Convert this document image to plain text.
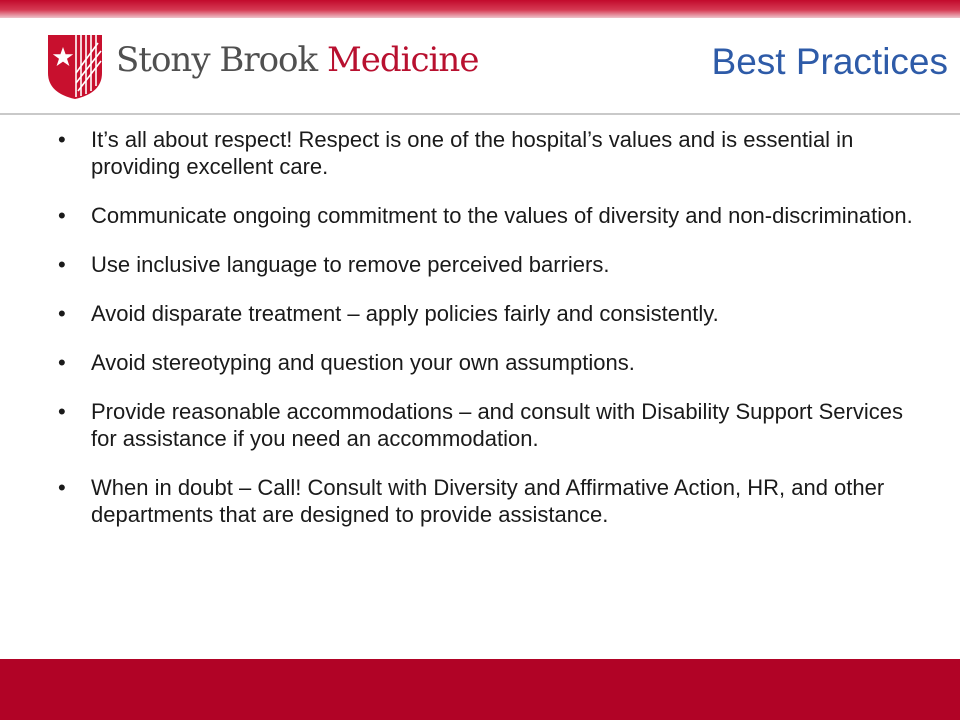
Stony Brook Medicine	Best Practices
• It’s all about respect! Respect is one of the hospital’s values and is essential in providing excellent care.
• Communicate ongoing commitment to the values of diversity and non-discrimination.
• Use inclusive language to remove perceived barriers.
• Avoid disparate treatment – apply policies fairly and consistently.
• Avoid stereotyping and question your own assumptions.
• Provide reasonable accommodations – and consult with Disability Support Services for assistance if you need an accommodation.
• When in doubt – Call! Consult with Diversity and Affirmative Action, HR, and other departments that are designed to provide assistance.
